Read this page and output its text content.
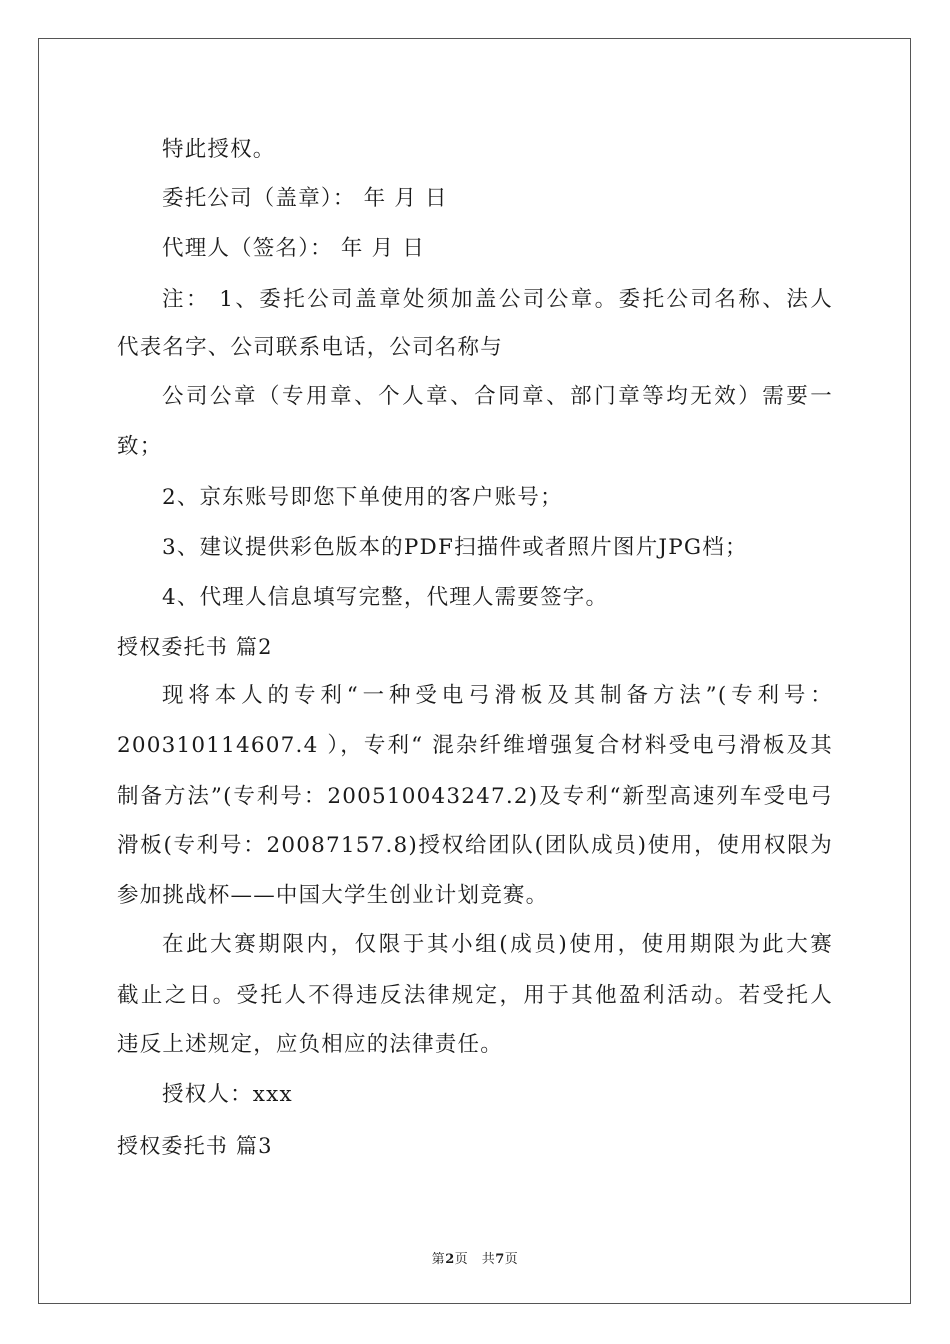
特此授权。
委托公司（盖章）： 年 月 日
代理人（签名）： 年 月 日
注： 1、委托公司盖章处须加盖公司公章。委托公司名称、法人
代表名字、公司联系电话，公司名称与
公司公章（专用章、个人章、合同章、部门章等均无效）需要一
致；
2、京东账号即您下单使用的客户账号；
3、建议提供彩色版本的PDF扫描件或者照片图片JPG档；
4、代理人信息填写完整，代理人需要签字。
授权委托书 篇2
现将本人的专利“一种受电弓滑板及其制备方法”(专利号：
200310114607.4 ），专利“ 混杂纤维增强复合材料受电弓滑板及其
制备方法”(专利号：200510043247.2)及专利“新型高速列车受电弓
滑板(专利号：20087157.8)授权给团队(团队成员)使用，使用权限为
参加挑战杯——中国大学生创业计划竞赛。
在此大赛期限内，仅限于其小组(成员)使用，使用期限为此大赛
截止之日。受托人不得违反法律规定，用于其他盈利活动。若受托人
违反上述规定，应负相应的法律责任。
授权人：xxx
授权委托书 篇3
第2页　共7页
